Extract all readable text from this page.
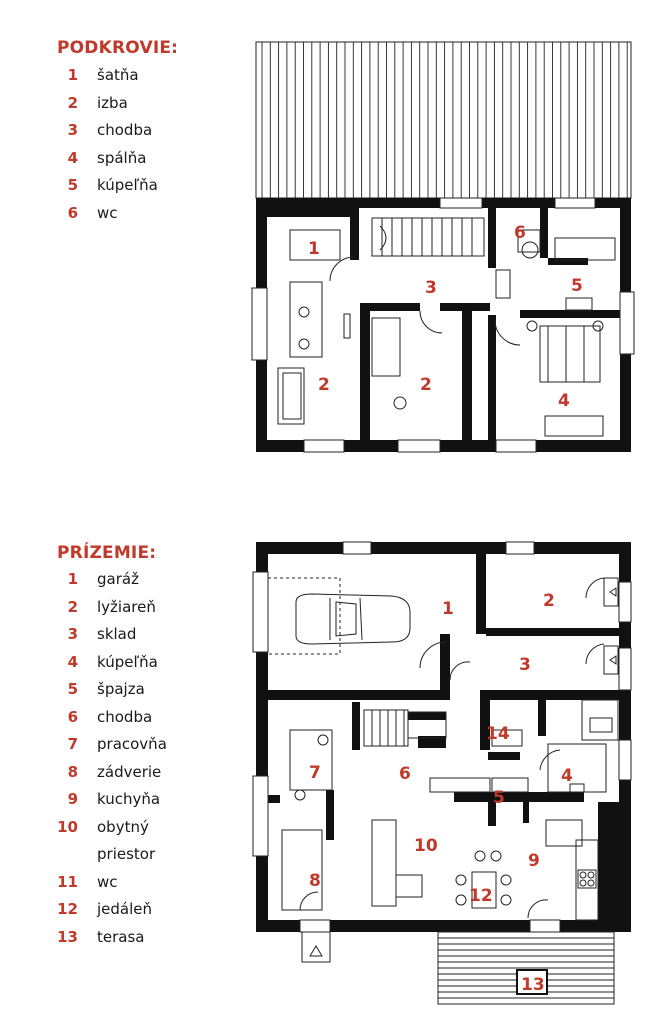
PODKROVIE:
1 šatňa
2 izba
3 chodba
4 spálňa
5 kúpeľňa
6 wc
PRÍZEMIE:
1 garáž
2 lyžiareň
3 sklad
4 kúpeľňa
5 špajza
6 chodba
7 pracovňa
8 zádverie
9 kuchyňa
10 obytný
priestor
11 wc
12 jedáleň
13 terasa
1
2	2
3
4
5
6
1	2
3
4
5
6
7
8
9
10
12
13
14
